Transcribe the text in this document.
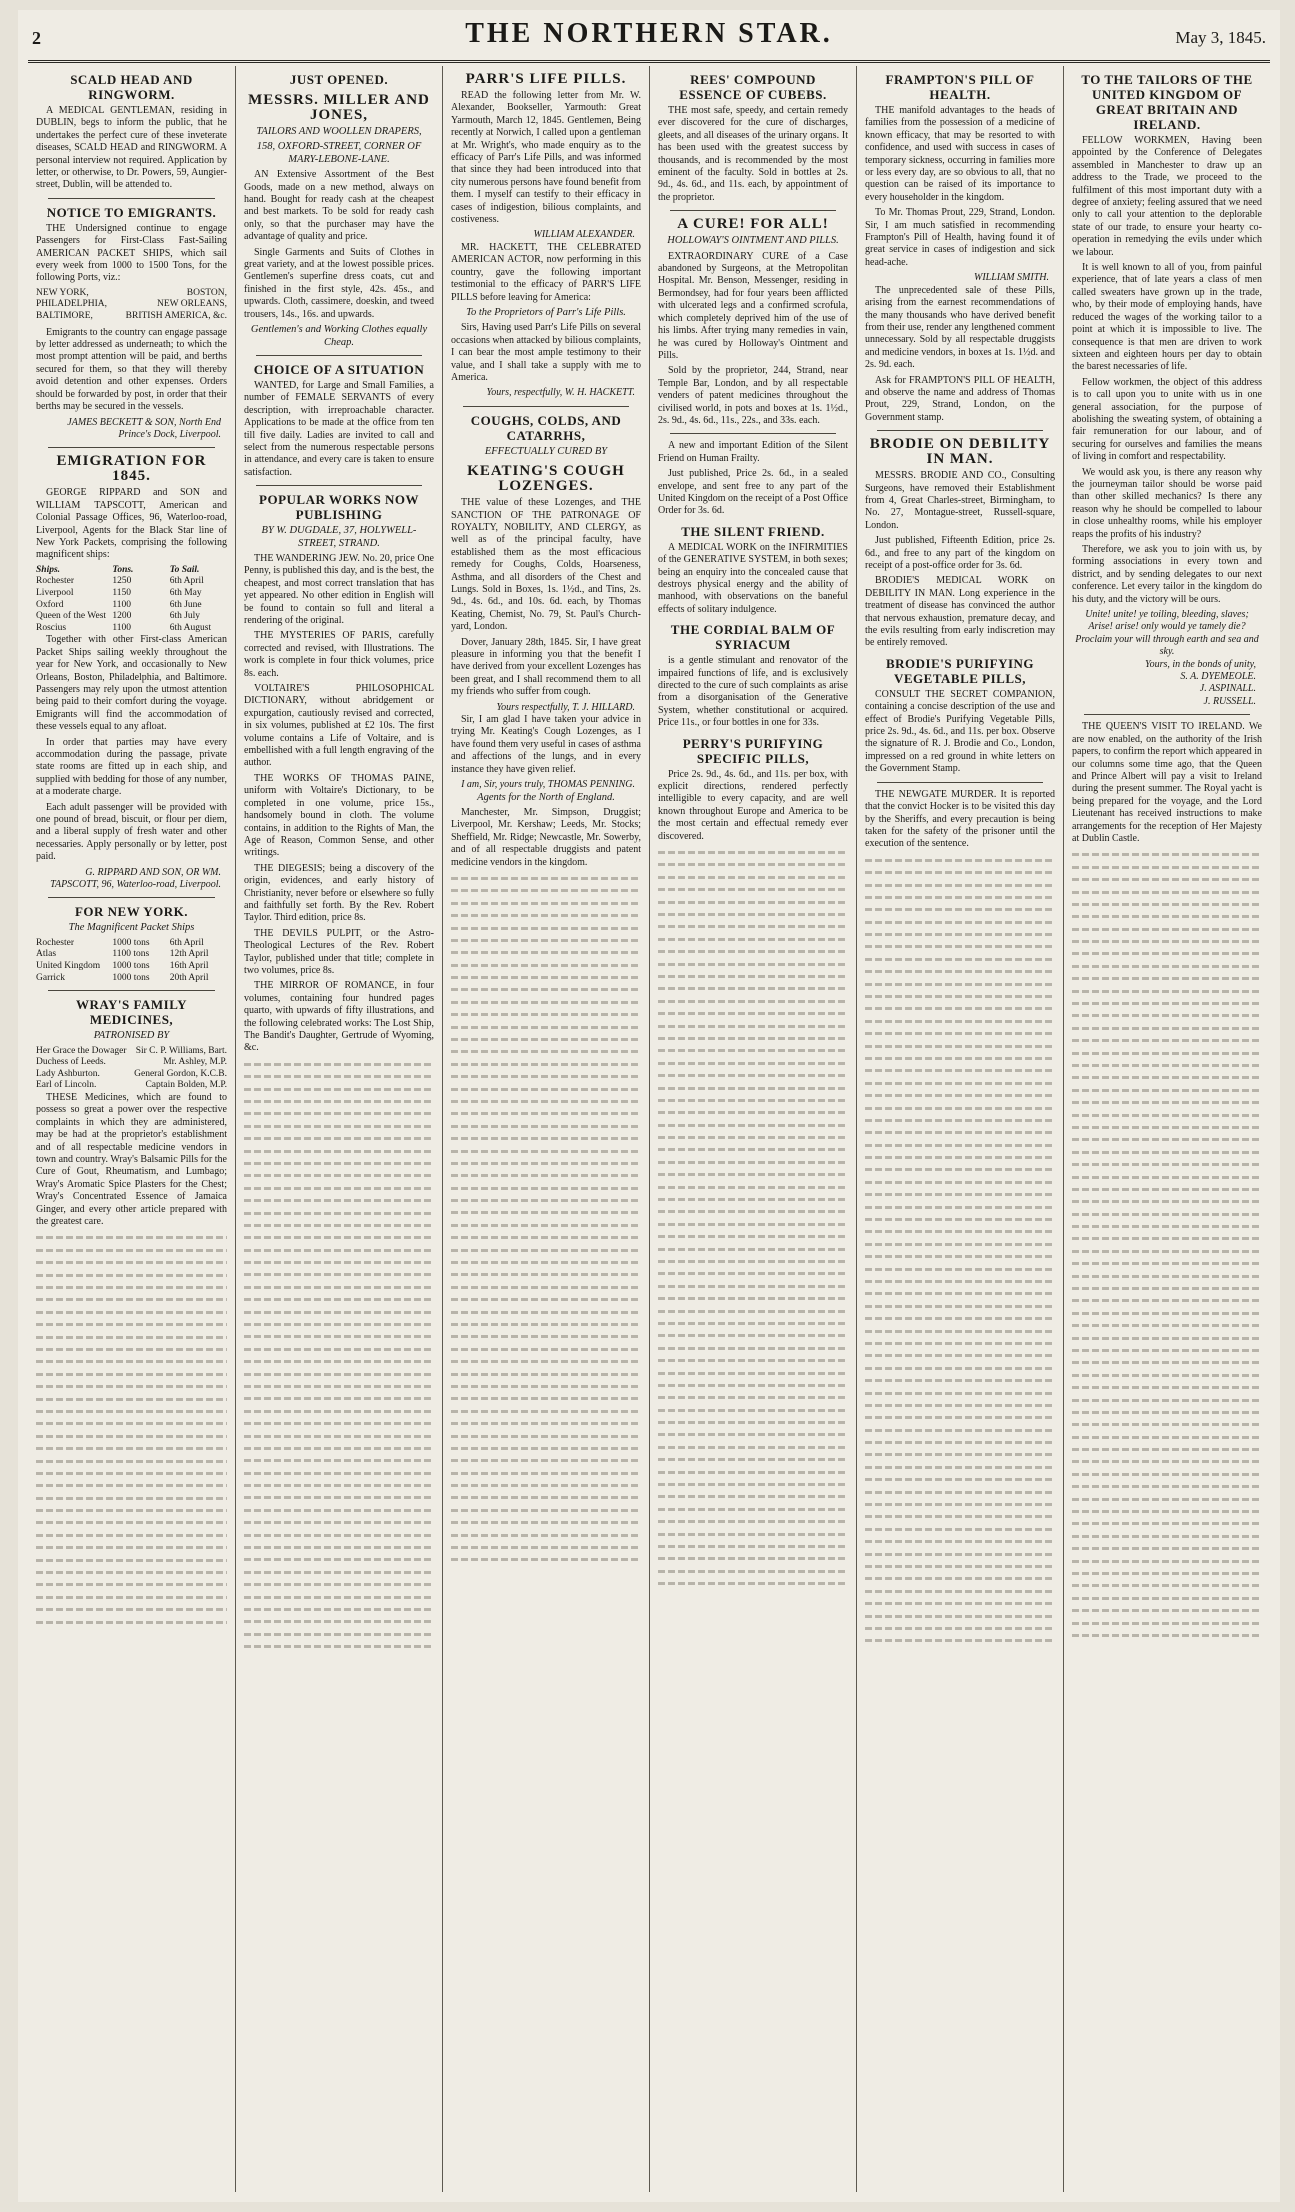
2	THE NORTHERN STAR.	May 3, 1845.
SCALD HEAD AND RINGWORM.

A MEDICAL GENTLEMAN, residing in DUBLIN, begs to inform the public, that he undertakes the perfect cure of these inveterate diseases, SCALD HEAD and RINGWORM. A personal interview not required. Application by letter, or otherwise, to Dr. Powers, 59, Aungier-street, Dublin, will be attended to.

NOTICE TO EMIGRANTS.

THE Undersigned continue to engage Passengers for First-Class Fast-Sailing AMERICAN PACKET SHIPS, which sail every week from 1000 to 1500 Tons, for the following Ports, viz.:

NEW YORK,	BOSTON,
PHILADELPHIA,	NEW ORLEANS,
BALTIMORE,	BRITISH AMERICA, &c.

Emigrants to the country can engage passage by letter addressed as underneath; to which the most prompt attention will be paid, and berths secured for them, so that they will thereby avoid detention and other expenses. Orders should be forwarded by post, in order that their berths may be secured in the vessels.

JAMES BECKETT & SON, North End Prince's Dock, Liverpool.
EMIGRATION FOR 1845.

GEORGE RIPPARD and SON and WILLIAM TAPSCOTT, American and Colonial Passage Offices, 96, Waterloo-road, Liverpool, Agents for the Black Star line of New York Packets, comprising the following magnificent ships:

Ships.	Tons.	To Sail.
Rochester	1250	6th April
Liverpool	1150	6th May
Oxford	1100	6th June
Queen of the West 1200	6th July
Roscius	1100	6th August

Together with other First-class American Packet Ships sailing weekly throughout the year for New York, and occasionally to New Orleans, Boston, Philadelphia, and Baltimore. Passengers may rely upon the utmost attention being paid to their comfort during the voyage. Emigrants will find the accommodation of these vessels equal to any afloat.

In order that parties may have every accommodation during the passage, private state rooms are fitted up in each ship, and supplied with bedding for those of any number, at a moderate charge.

Each adult passenger will be provided with one pound of bread, biscuit, or flour per diem, and a liberal supply of fresh water and other necessaries. Apply personally or by letter, post paid.

G. RIPPARD AND SON, OR WM. TAPSCOTT, 96, Waterloo-road, Liverpool.
FOR NEW YORK.
The Magnificent Packet Ships
Rochester	1000 tons	6th April
Atlas	1100 tons	12th April
United Kingdom	1000 tons	16th April
Garrick	1000 tons	20th April
WRAY'S FAMILY MEDICINES,
PATRONISED BY
Her Grace the Dowager Sir C. P. Williams, Bart.
Duchess of Leeds.	Mr. Ashley, M.P.
Lady Ashburton.	General Gordon, K.C.B.
Earl of Lincoln.	Captain Bolden, M.P.

THESE Medicines, which are found to possess so great a power over the respective complaints in which they are administered, may be had at the proprietor's establishment and of all respectable medicine vendors in town and country. Wray's Balsamic Pills for the Cure of Gout, Rheumatism, and Lumbago; Wray's Aromatic Spice Plasters for the Chest; Wray's Concentrated Essence of Jamaica Ginger, and every other article prepared with the greatest care.

JUST OPENED.
MESSRS. MILLER AND JONES,
TAILORS AND WOOLLEN DRAPERS,
158, OXFORD-STREET, CORNER OF MARY-LEBONE-LANE.

AN Extensive Assortment of the Best Goods, made on a new method, always on hand. Bought for ready cash at the cheapest and best markets. To be sold for ready cash only, so that the purchaser may have the advantage of quality and price.

Single Garments and Suits of Clothes in great variety, and at the lowest possible prices. Gentlemen's superfine dress coats, cut and finished in the first style, 42s. 45s., and upwards. Cloth, cassimere, doeskin, and tweed trousers, 14s., 16s. and upwards.

Gentlemen's and Working Clothes equally Cheap.
CHOICE OF A SITUATION

WANTED, for Large and Small Families, a number of FEMALE SERVANTS of every description, with irreproachable character. Applications to be made at the office from ten till five daily. Ladies are invited to call and select from the numerous respectable persons in attendance, and every care is taken to ensure satisfaction.

POPULAR WORKS NOW PUBLISHING
BY W. DUGDALE, 37, HOLYWELL-STREET, STRAND.

THE WANDERING JEW. No. 20, price One Penny, is published this day, and is the best, the cheapest, and most correct translation that has yet appeared. No other edition in English will be found to contain so full and literal a rendering of the original.

THE MYSTERIES OF PARIS, carefully corrected and revised, with Illustrations. The work is complete in four thick volumes, price 8s. each.

VOLTAIRE'S PHILOSOPHICAL DICTIONARY, without abridgement or expurgation, cautiously revised and corrected, in six volumes, published at £2 10s. The first volume contains a Life of Voltaire, and is embellished with a full length engraving of the author.

THE WORKS OF THOMAS PAINE, uniform with Voltaire's Dictionary, to be completed in one volume, price 15s., handsomely bound in cloth. The volume contains, in addition to the Rights of Man, the Age of Reason, Common Sense, and other writings.

THE DIEGESIS; being a discovery of the origin, evidences, and early history of Christianity, never before or elsewhere so fully and faithfully set forth. By the Rev. Robert Taylor. Third edition, price 8s.

THE DEVILS PULPIT, or the Astro-Theological Lectures of the Rev. Robert Taylor, published under that title; complete in two volumes, price 8s.

THE MIRROR OF ROMANCE, in four volumes, containing four hundred pages quarto, with upwards of fifty illustrations, and the following celebrated works: The Lost Ship, The Bandit's Daughter, Gertrude of Wyoming, &c.

PARR'S LIFE PILLS.

READ the following letter from Mr. W. Alexander, Bookseller, Yarmouth: Great Yarmouth, March 12, 1845. Gentlemen, Being recently at Norwich, I called upon a gentleman at Mr. Wright's, who made enquiry as to the efficacy of Parr's Life Pills, and was informed that since they had been introduced into that city numerous persons have found benefit from them. I myself can testify to their efficacy in cases of indigestion, bilious complaints, and costiveness.

WILLIAM ALEXANDER.

MR. HACKETT, THE CELEBRATED AMERICAN ACTOR, now performing in this country, gave the following important testimonial to the efficacy of PARR'S LIFE PILLS before leaving for America:

To the Proprietors of Parr's Life Pills.

Sirs, Having used Parr's Life Pills on several occasions when attacked by bilious complaints, I can bear the most ample testimony to their value, and I shall take a supply with me to America.

Yours, respectfully, W. H. HACKETT.
COUGHS, COLDS, AND CATARRHS,
EFFECTUALLY CURED BY
KEATING'S COUGH LOZENGES.

THE value of these Lozenges, and THE SANCTION OF THE PATRONAGE OF ROYALTY, NOBILITY, AND CLERGY, as well as of the principal faculty, have established them as the most efficacious remedy for Coughs, Colds, Hoarseness, Asthma, and all disorders of the Chest and Lungs. Sold in Boxes, 1s. 1½d., and Tins, 2s. 9d., 4s. 6d., and 10s. 6d. each, by Thomas Keating, Chemist, No. 79, St. Paul's Church-yard, London.

Dover, January 28th, 1845. Sir, I have great pleasure in informing you that the benefit I have derived from your excellent Lozenges has been great, and I shall recommend them to all my friends who suffer from cough.

Yours respectfully, T. J. HILLARD.

Sir, I am glad I have taken your advice in trying Mr. Keating's Cough Lozenges, as I have found them very useful in cases of asthma and affections of the lungs, and in every instance they have given relief.

I am, Sir, yours truly, THOMAS PENNING.
Agents for the North of England.

Manchester, Mr. Simpson, Druggist; Liverpool, Mr. Kershaw; Leeds, Mr. Stocks; Sheffield, Mr. Ridge; Newcastle, Mr. Sowerby, and of all respectable druggists and patent medicine vendors in the kingdom.

REES' COMPOUND ESSENCE OF CUBEBS.

THE most safe, speedy, and certain remedy ever discovered for the cure of discharges, gleets, and all diseases of the urinary organs. It has been used with the greatest success by thousands, and is recommended by the most eminent of the faculty. Sold in bottles at 2s. 9d., 4s. 6d., and 11s. each, by appointment of the proprietor.

A CURE! FOR ALL!
HOLLOWAY'S OINTMENT AND PILLS.

EXTRAORDINARY CURE of a Case abandoned by Surgeons, at the Metropolitan Hospital. Mr. Benson, Messenger, residing in Bermondsey, had for four years been afflicted with ulcerated legs and a confirmed scrofula, which completely deprived him of the use of his limbs. After trying many remedies in vain, he was cured by Holloway's Ointment and Pills.

Sold by the proprietor, 244, Strand, near Temple Bar, London, and by all respectable venders of patent medicines throughout the civilised world, in pots and boxes at 1s. 1½d., 2s. 9d., 4s. 6d., 11s., 22s., and 33s. each.

A new and important Edition of the Silent Friend on Human Frailty.

Just published, Price 2s. 6d., in a sealed envelope, and sent free to any part of the United Kingdom on the receipt of a Post Office Order for 3s. 6d.

THE SILENT FRIEND.

A MEDICAL WORK on the INFIRMITIES of the GENERATIVE SYSTEM, in both sexes; being an enquiry into the concealed cause that destroys physical energy and the ability of manhood, with observations on the baneful effects of solitary indulgence.

THE CORDIAL BALM OF SYRIACUM

is a gentle stimulant and renovator of the impaired functions of life, and is exclusively directed to the cure of such complaints as arise from a disorganisation of the Generative System, whether constitutional or acquired. Price 11s., or four bottles in one for 33s.

PERRY'S PURIFYING SPECIFIC PILLS,

Price 2s. 9d., 4s. 6d., and 11s. per box, with explicit directions, rendered perfectly intelligible to every capacity, and are well known throughout Europe and America to be the most certain and effectual remedy ever discovered.

FRAMPTON'S PILL OF HEALTH.

THE manifold advantages to the heads of families from the possession of a medicine of known efficacy, that may be resorted to with confidence, and used with success in cases of temporary sickness, occurring in families more or less every day, are so obvious to all, that no question can be raised of its importance to every householder in the kingdom.

To Mr. Thomas Prout, 229, Strand, London. Sir, I am much satisfied in recommending Frampton's Pill of Health, having found it of great service in cases of indigestion and sick head-ache.

WILLIAM SMITH.

The unprecedented sale of these Pills, arising from the earnest recommendations of the many thousands who have derived benefit from their use, render any lengthened comment unnecessary. Sold by all respectable druggists and medicine vendors, in boxes at 1s. 1½d. and 2s. 9d. each.

Ask for FRAMPTON'S PILL OF HEALTH, and observe the name and address of Thomas Prout, 229, Strand, London, on the Government stamp.

BRODIE ON DEBILITY IN MAN.

MESSRS. BRODIE AND CO., Consulting Surgeons, have removed their Establishment from 4, Great Charles-street, Birmingham, to No. 27, Montague-street, Russell-square, London.

Just published, Fifteenth Edition, price 2s. 6d., and free to any part of the kingdom on receipt of a post-office order for 3s. 6d.

BRODIE'S MEDICAL WORK on DEBILITY IN MAN. Long experience in the treatment of disease has convinced the author that nervous exhaustion, premature decay, and the evils resulting from early indiscretion may be entirely removed.

BRODIE'S PURIFYING VEGETABLE PILLS,

CONSULT THE SECRET COMPANION, containing a concise description of the use and effect of Brodie's Purifying Vegetable Pills, price 2s. 9d., 4s. 6d., and 11s. per box. Observe the signature of R. J. Brodie and Co., London, impressed on a red ground in white letters on the Government Stamp.

THE NEWGATE MURDER. It is reported that the convict Hocker is to be visited this day by the Sheriffs, and every precaution is being taken for the safety of the prisoner until the execution of the sentence.

TO THE TAILORS OF THE UNITED KINGDOM OF GREAT BRITAIN AND IRELAND.

FELLOW WORKMEN, Having been appointed by the Conference of Delegates assembled in Manchester to draw up an address to the Trade, we proceed to the fulfilment of this most important duty with a degree of anxiety; feeling assured that we need only to call your attention to the deplorable state of our trade, to ensure your hearty co-operation in remedying the evils under which we labour.

It is well known to all of you, from painful experience, that of late years a class of men called sweaters have grown up in the trade, who, by their mode of employing hands, have reduced the wages of the working tailor to a point at which it is impossible to live. The consequence is that men are driven to work sixteen and eighteen hours per day to obtain the barest necessaries of life.

Fellow workmen, the object of this address is to call upon you to unite with us in one general association, for the purpose of abolishing the sweating system, of obtaining a fair remuneration for our labour, and of securing for ourselves and families the means of living in comfort and respectability.

We would ask you, is there any reason why the journeyman tailor should be worse paid than other skilled mechanics? Is there any reason why he should be compelled to labour in close unhealthy rooms, while his employer reaps the profits of his industry?

Therefore, we ask you to join with us, by forming associations in every town and district, and by sending delegates to our next conference. Let every tailor in the kingdom do his duty, and the victory will be ours.

Unite! unite! ye toiling, bleeding, slaves;
Arise! arise! only would ye tamely die?
Proclaim your will through earth and sea and sky.
Yours, in the bonds of unity,
S. A. DYEMEOLE.
J. ASPINALL.
J. RUSSELL.

THE QUEEN'S VISIT TO IRELAND. We are now enabled, on the authority of the Irish papers, to confirm the report which appeared in our columns some time ago, that the Queen and Prince Albert will pay a visit to Ireland during the present summer. The Royal yacht is being prepared for the voyage, and the Lord Lieutenant has received instructions to make arrangements for the reception of Her Majesty at Dublin Castle.
